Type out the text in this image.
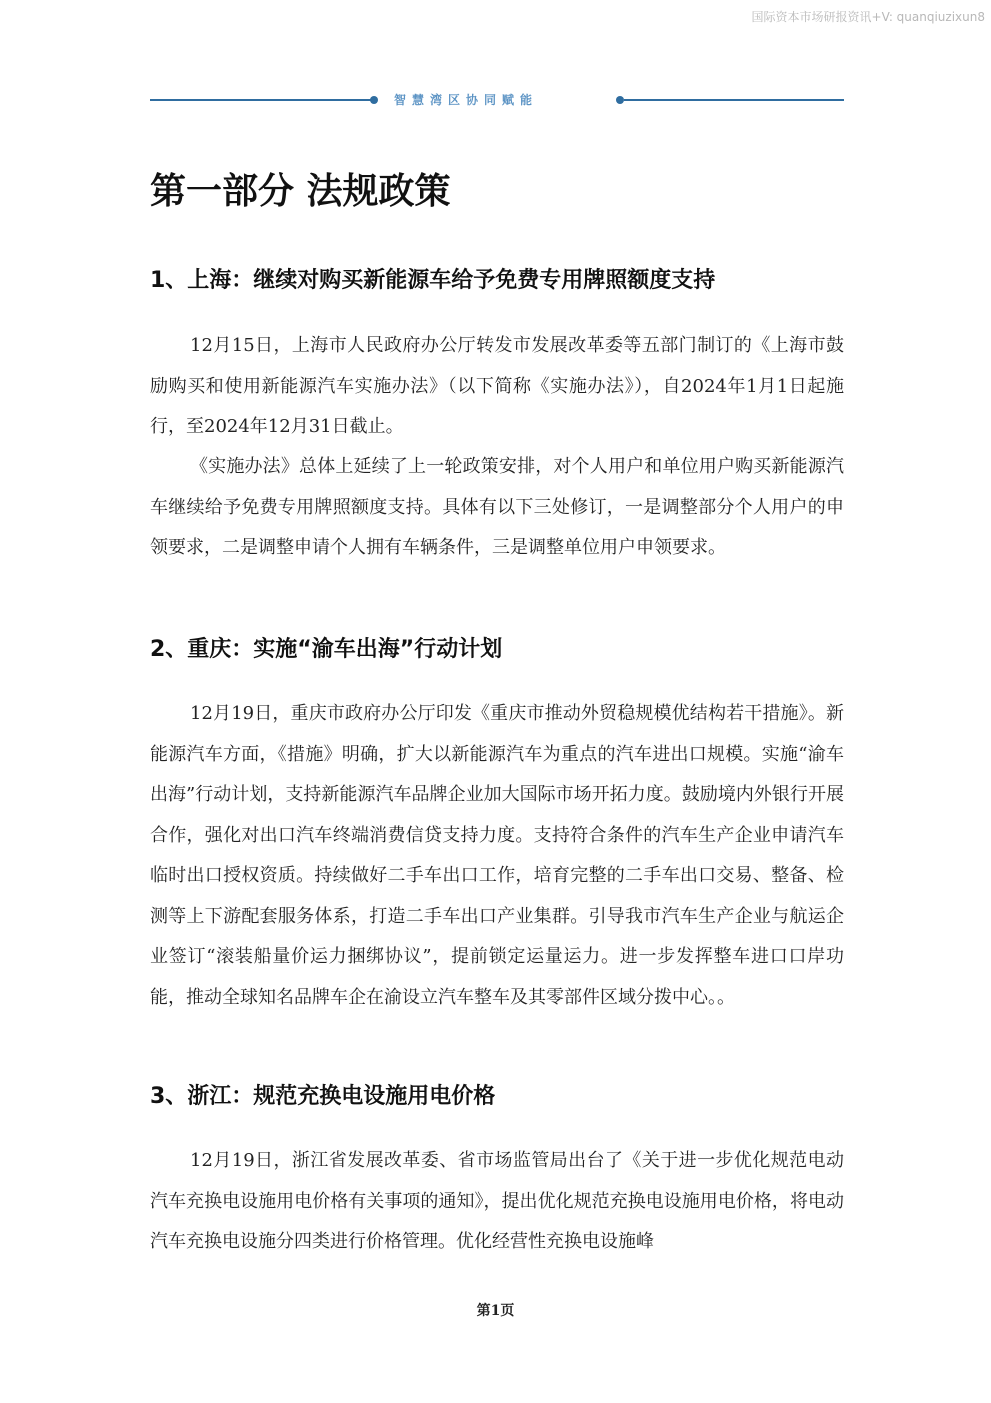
国际资本市场研报资讯+V: quanqiuzixun8
智慧湾区协同赋能
第一部分 法规政策
1、上海：继续对购买新能源车给予免费专用牌照额度支持

12月15日，上海市人民政府办公厅转发市发展改革委等五部门制订的《上海市鼓励购买和使用新能源汽车实施办法》（以下简称《实施办法》），自2024年1月1日起施行，至2024年12月31日截止。

《实施办法》总体上延续了上一轮政策安排，对个人用户和单位用户购买新能源汽车继续给予免费专用牌照额度支持。具体有以下三处修订，一是调整部分个人用户的申领要求，二是调整申请个人拥有车辆条件，三是调整单位用户申领要求。

2、重庆：实施“渝车出海”行动计划

12月19日，重庆市政府办公厅印发《重庆市推动外贸稳规模优结构若干措施》。新能源汽车方面，《措施》明确，扩大以新能源汽车为重点的汽车进出口规模。实施“渝车出海”行动计划，支持新能源汽车品牌企业加大国际市场开拓力度。鼓励境内外银行开展合作，强化对出口汽车终端消费信贷支持力度。支持符合条件的汽车生产企业申请汽车临时出口授权资质。持续做好二手车出口工作，培育完整的二手车出口交易、整备、检测等上下游配套服务体系，打造二手车出口产业集群。引导我市汽车生产企业与航运企业签订“滚装船量价运力捆绑协议”，提前锁定运量运力。进一步发挥整车进口口岸功能，推动全球知名品牌车企在渝设立汽车整车及其零部件区域分拨中心。。

3、浙江：规范充换电设施用电价格

12月19日，浙江省发展改革委、省市场监管局出台了《关于进一步优化规范电动汽车充换电设施用电价格有关事项的通知》，提出优化规范充换电设施用电价格，将电动汽车充换电设施分四类进行价格管理。优化经营性充换电设施峰

第1页
